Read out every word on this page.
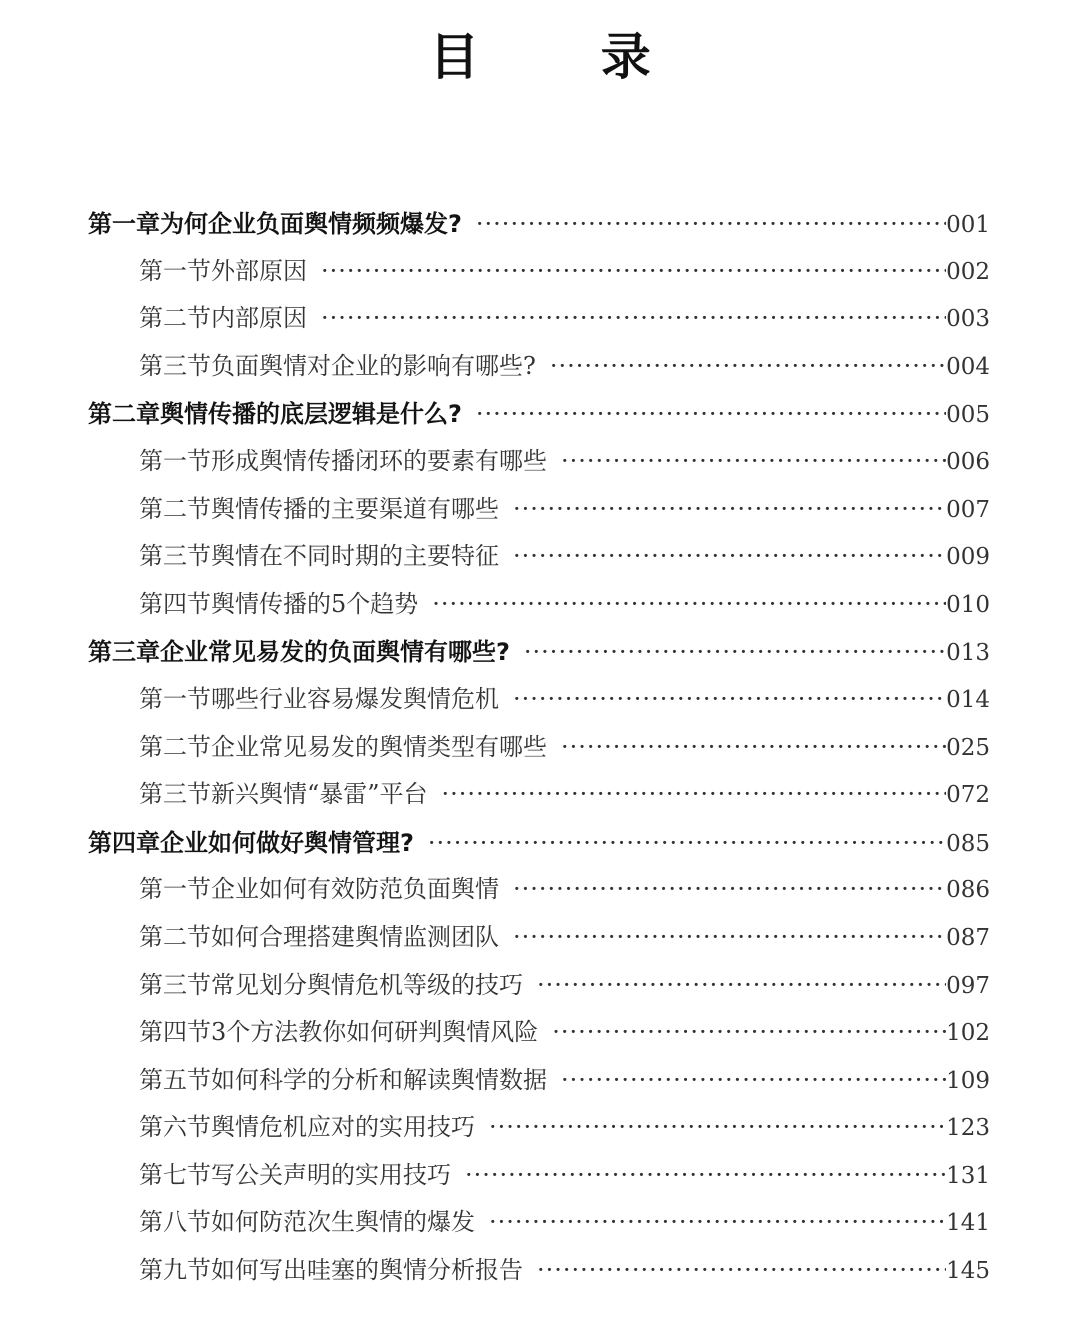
目 录
第一章 为何企业负面舆情频频爆发? ·····	001
第一节 外部原因 ·····	002
第二节 内部原因 ·····	003
第三节 负面舆情对企业的影响有哪些? ·····	004
第二章 舆情传播的底层逻辑是什么? ·····	005
第一节 形成舆情传播闭环的要素有哪些 ·····	006
第二节 舆情传播的主要渠道有哪些 ·····	007
第三节 舆情在不同时期的主要特征 ·····	009
第四节 舆情传播的5个趋势 ·····	010
第三章 企业常见易发的负面舆情有哪些? ·····	013
第一节 哪些行业容易爆发舆情危机 ·····	014
第二节 企业常见易发的舆情类型有哪些 ·····	025
第三节 新兴舆情“暴雷”平台 ·····	072
第四章 企业如何做好舆情管理? ·····	085
第一节 企业如何有效防范负面舆情 ·····	086
第二节 如何合理搭建舆情监测团队 ·····	087
第三节 常见划分舆情危机等级的技巧 ·····	097
第四节 3个方法教你如何研判舆情风险 ·····	102
第五节 如何科学的分析和解读舆情数据 ·····	109
第六节 舆情危机应对的实用技巧 ·····	123
第七节 写公关声明的实用技巧 ·····	131
第八节 如何防范次生舆情的爆发 ·····	141
第九节 如何写出哇塞的舆情分析报告 ·····	145
